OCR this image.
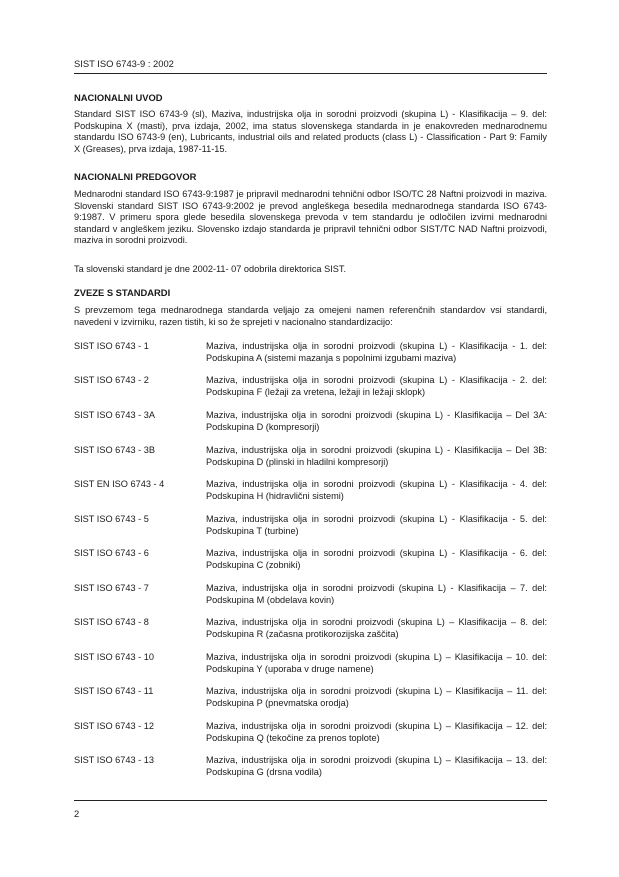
SIST ISO 6743-9 : 2002
NACIONALNI UVOD
Standard SIST ISO 6743-9 (sl), Maziva, industrijska olja in sorodni proizvodi (skupina L) - Klasifikacija – 9. del: Podskupina X (masti), prva izdaja, 2002, ima status slovenskega standarda in je enakovreden mednarodnemu standardu ISO 6743-9 (en), Lubricants, industrial oils and related products (class L) - Classification - Part 9: Family X (Greases), prva izdaja, 1987-11-15.
NACIONALNI PREDGOVOR
Mednarodni standard ISO 6743-9:1987 je pripravil mednarodni tehnični odbor ISO/TC 28 Naftni proizvodi in maziva. Slovenski standard SIST ISO 6743-9:2002 je prevod angleškega besedila mednarodnega standarda ISO 6743-9:1987. V primeru spora glede besedila slovenskega prevoda v tem standardu je odločilen izvirni mednarodni standard v angleškem jeziku. Slovensko izdajo standarda je pripravil tehnični odbor SIST/TC NAD Naftni proizvodi, maziva in sorodni proizvodi.
Ta slovenski standard je dne 2002-11- 07 odobrila direktorica SIST.
ZVEZE S STANDARDI
S prevzemom tega mednarodnega standarda veljajo za omejeni namen referenčnih standardov vsi standardi, navedeni v izvirniku, razen tistih, ki so že sprejeti v nacionalno standardizacijo:
SIST ISO 6743 - 1	Maziva, industrijska olja in sorodni proizvodi (skupina L) - Klasifikacija - 1. del: Podskupina A (sistemi mazanja s popolnimi izgubami maziva)
SIST ISO 6743 - 2	Maziva, industrijska olja in sorodni proizvodi (skupina L) - Klasifikacija - 2. del: Podskupina F (ležaji za vretena, ležaji in ležaji sklopk)
SIST ISO 6743 - 3A	Maziva, industrijska olja in sorodni proizvodi (skupina L) - Klasifikacija – Del 3A: Podskupina D (kompresorji)
SIST ISO 6743 - 3B	Maziva, industrijska olja in sorodni proizvodi (skupina L) - Klasifikacija – Del 3B: Podskupina D (plinski in hladilni kompresorji)
SIST EN ISO 6743 - 4	Maziva, industrijska olja in sorodni proizvodi (skupina L) - Klasifikacija - 4. del: Podskupina H (hidravlični sistemi)
SIST ISO 6743 - 5	Maziva, industrijska olja in sorodni proizvodi (skupina L) - Klasifikacija - 5. del: Podskupina T (turbine)
SIST ISO 6743 - 6	Maziva, industrijska olja in sorodni proizvodi (skupina L) - Klasifikacija - 6. del: Podskupina C (zobniki)
SIST ISO 6743 - 7	Maziva, industrijska olja in sorodni proizvodi (skupina L) - Klasifikacija – 7. del: Podskupina M (obdelava kovin)
SIST ISO 6743 - 8	Maziva, industrijska olja in sorodni proizvodi (skupina L) – Klasifikacija – 8. del: Podskupina R (začasna protikorozijska zaščita)
SIST ISO 6743 - 10	Maziva, industrijska olja in sorodni proizvodi (skupina L) – Klasifikacija – 10. del: Podskupina Y (uporaba v druge namene)
SIST ISO 6743 - 11	Maziva, industrijska olja in sorodni proizvodi (skupina L) – Klasifikacija – 11. del: Podskupina P (pnevmatska orodja)
SIST ISO 6743 - 12	Maziva, industrijska olja in sorodni proizvodi (skupina L) – Klasifikacija – 12. del: Podskupina Q (tekočine za prenos toplote)
SIST ISO 6743 - 13	Maziva, industrijska olja in sorodni proizvodi (skupina L) – Klasifikacija – 13. del: Podskupina G (drsna vodila)
2
